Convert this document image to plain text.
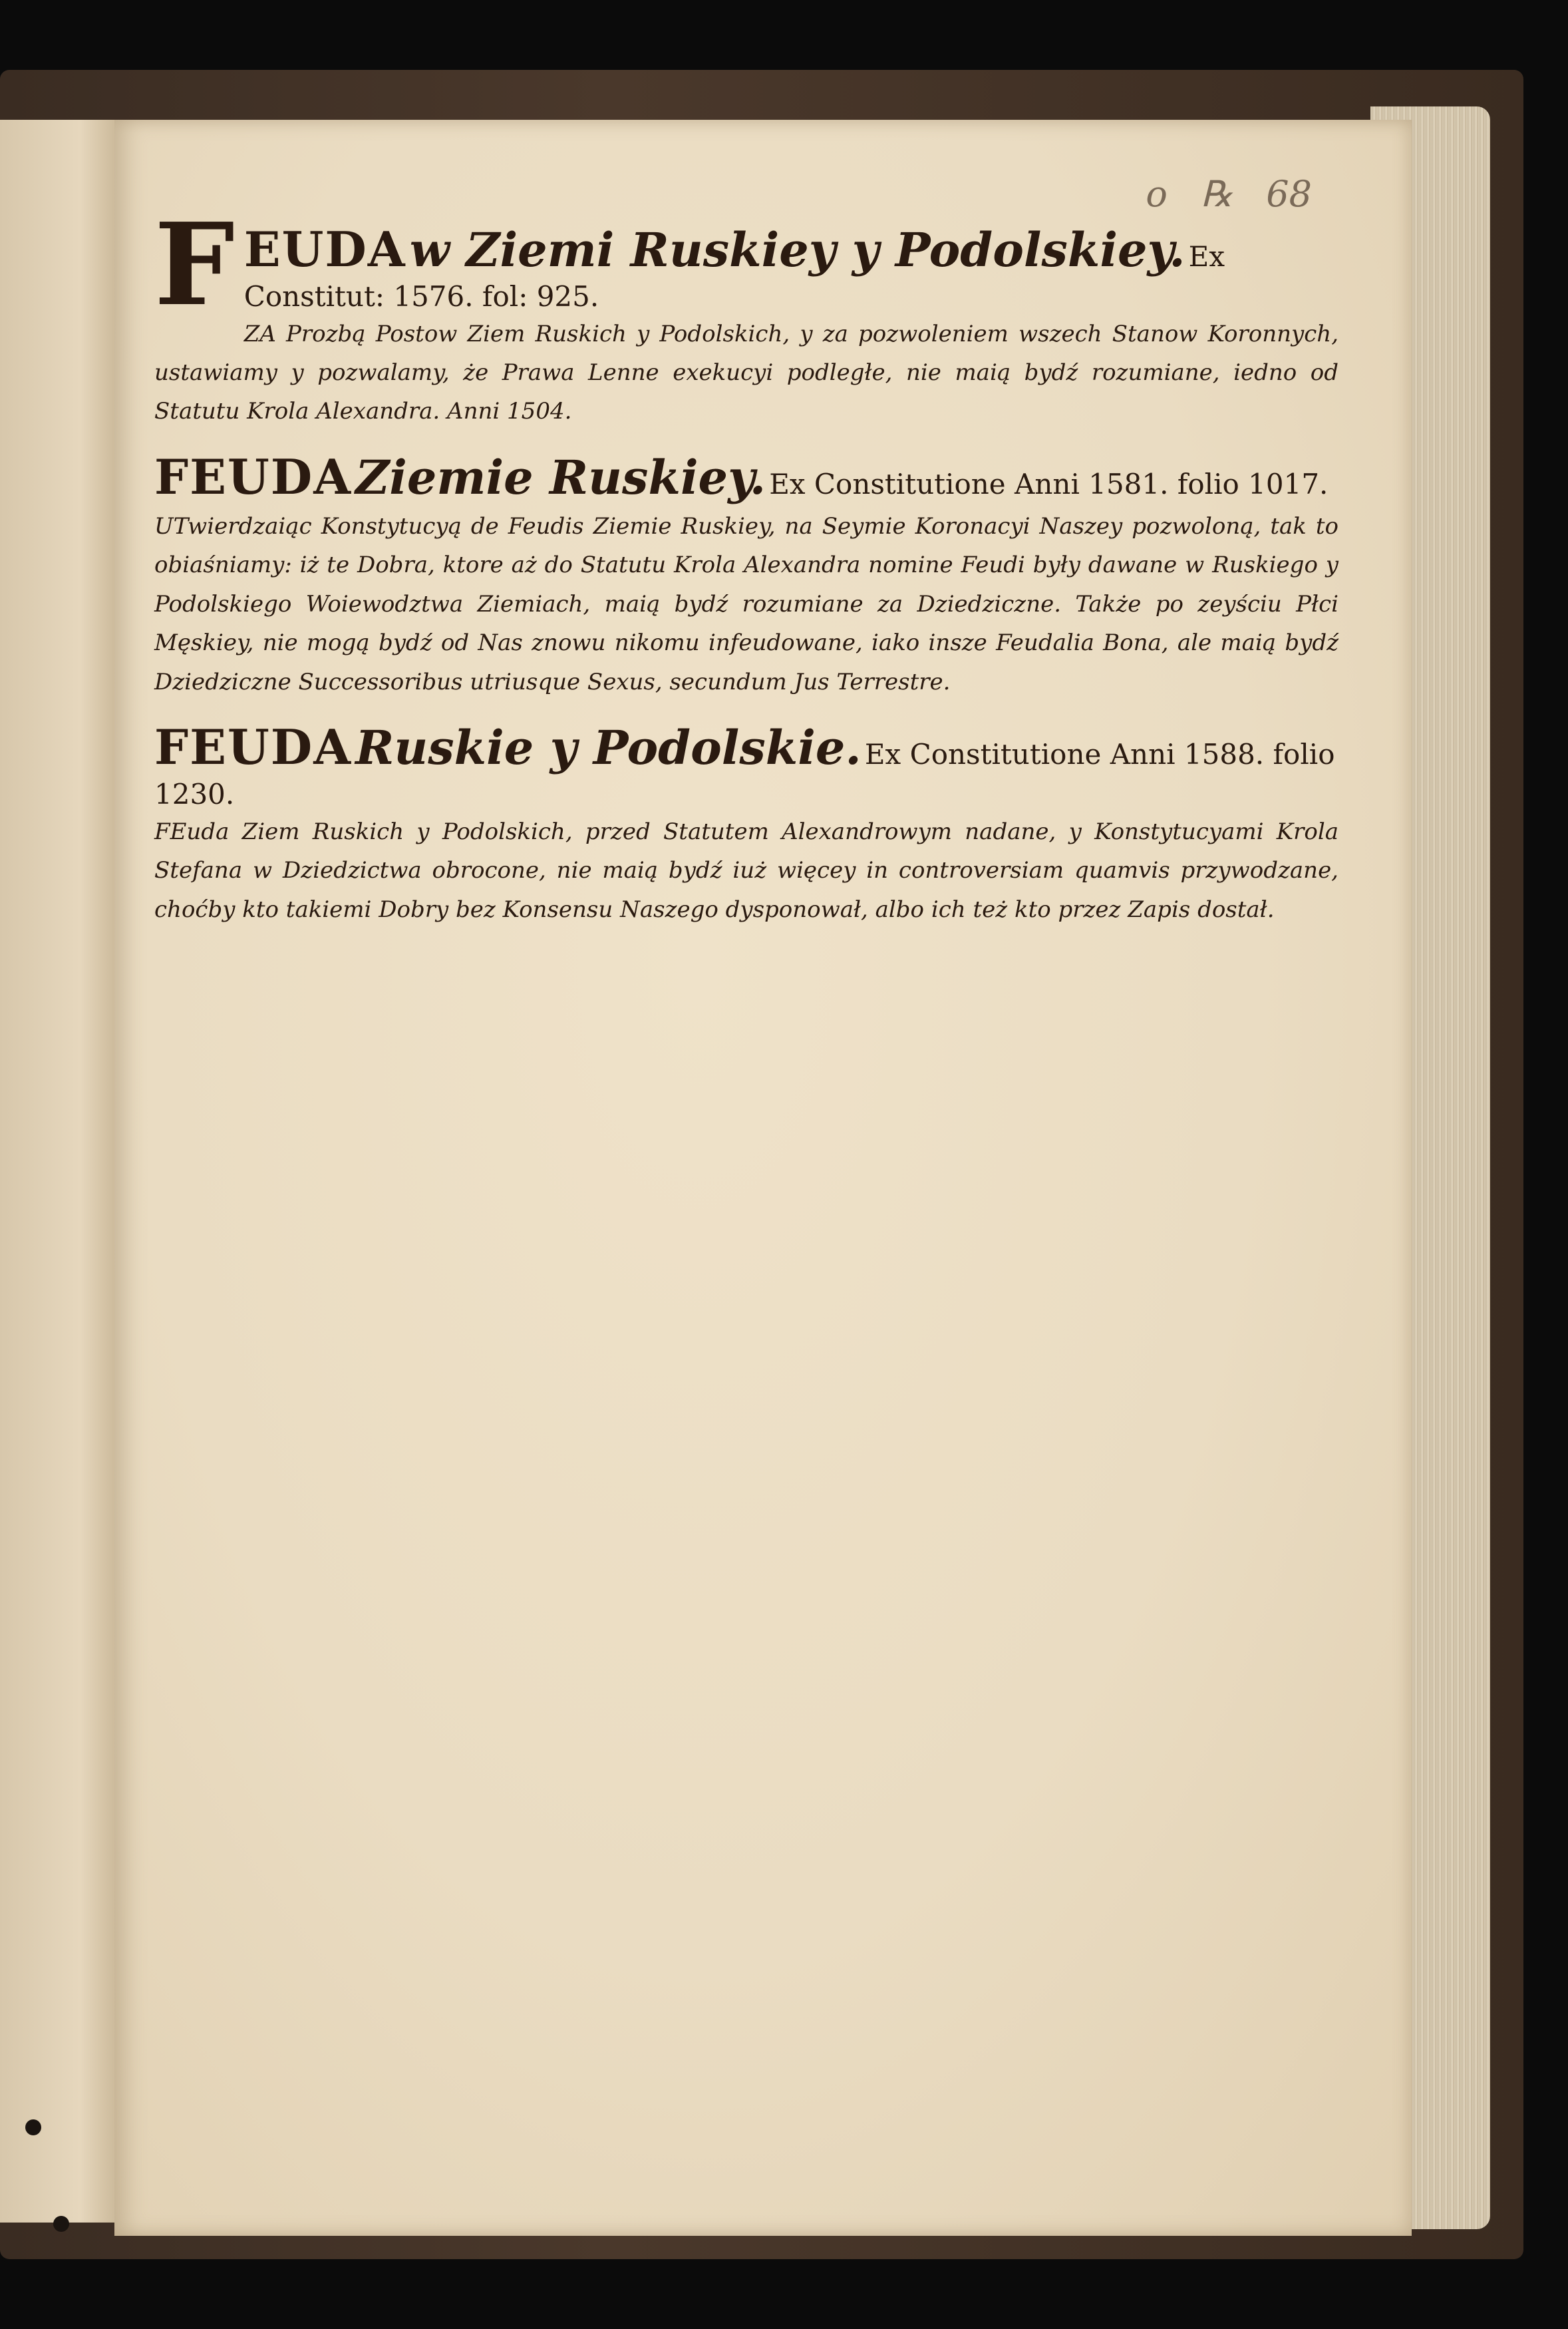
o ℞ 68
F EUDA w Ziemi Ruskiey y Podolskiey. Ex Constitut: 1576. fol: 925.
ZA Prozbą Postow Ziem Ruskich y Podolskich, y za pozwoleniem wszech Stanow Koronnych, ustawiamy y pozwalamy, że Prawa Lenne exekucyi podległe, nie maią bydź rozumiane, iedno od Statutu Krola Alexandra. Anni 1504.
FEUDA Ziemie Ruskiey. Ex Constitutione Anni 1581. folio 1017.
UTwierdzaiąc Konstytucyą de Feudis Ziemie Ruskiey, na Seymie Koronacyi Naszey pozwoloną, tak to obiaśniamy: iż te Dobra, ktore aż do Statutu Krola Alexandra nomine Feudi były dawane w Ruskiego y Podolskiego Woiewodztwa Ziemiach, maią bydź rozumiane za Dziedziczne. Także po zeyściu Płci Męskiey, nie mogą bydź od Nas znowu nikomu infeudowane, iako insze Feudalia Bona, ale maią bydź Dziedziczne Successoribus utriusque Sexus, secundum Jus Terrestre.
FEUDA Ruskie y Podolskie. Ex Constitutione Anni 1588. folio 1230.
FEuda Ziem Ruskich y Podolskich, przed Statutem Alexandrowym nadane, y Konstytucyami Krola Stefana w Dziedzictwa obrocone, nie maią bydź iuż więcey in controversiam quamvis przywodzane, choćby kto takiemi Dobry bez Konsensu Naszego dysponował, albo ich też kto przez Zapis dostał.
